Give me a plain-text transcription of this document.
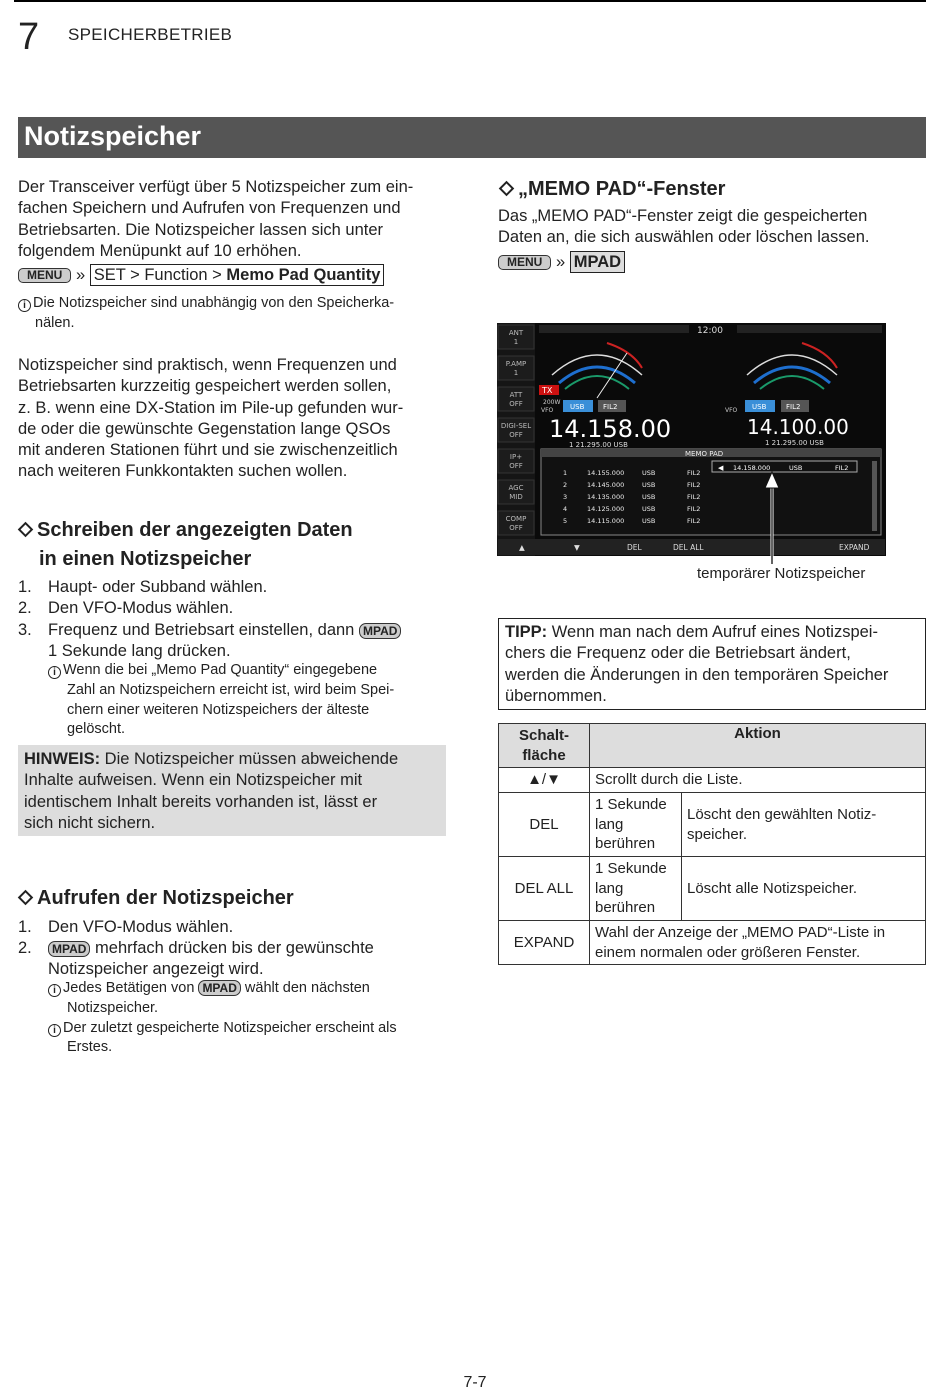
7 SPEICHERBETRIEB
Notizspeicher
Der Transceiver verfügt über 5 Notizspeicher zum ein-
fachen Speichern und Aufrufen von Frequenzen und
Betriebsarten. Die Notizspeicher lassen sich unter
folgendem Menüpunkt auf 10 erhöhen.
MENU » SET > Function > Memo Pad Quantity
i Die Notizspeicher sind unabhängig von den Speicherka-
nälen.
Notizspeicher sind praktisch, wenn Frequenzen und
Betriebsarten kurzzeitig gespeichert werden sollen,
z. B. wenn eine DX-Station im Pile-up gefunden wur-
de oder die gewünschte Gegenstation lange QSOs
mit anderen Stationen führt und sie zwischenzeitlich
nach weiteren Funkkontakten suchen wollen.
Schreiben der angezeigten Daten
in einen Notizspeicher
1. Haupt- oder Subband wählen.
2. Den VFO-Modus wählen.
3. Frequenz und Betriebsart einstellen, dann MPAD
1 Sekunde lang drücken.
i Wenn die bei „Memo Pad Quantity“ eingegebene
Zahl an Notizspeichern erreicht ist, wird beim Spei-
chern einer weiteren Notizspeichers der älteste
gelöscht.
HINWEIS: Die Notizspeicher müssen abweichende
Inhalte aufweisen. Wenn ein Notizspeicher mit
identischem Inhalt bereits vorhanden ist, lässt er
sich nicht sichern.
Aufrufen der Notizspeicher
1. Den VFO-Modus wählen.
2.	MPAD mehrfach drücken bis der gewünschte
Notizspeicher angezeigt wird.
i Jedes Betätigen von MPAD wählt den nächsten
Notizspeicher.
i Der zuletzt gespeicherte Notizspeicher erscheint als
Erstes.
„MEMO PAD“-Fenster
Das „MEMO PAD“-Fenster zeigt die gespeicherten
Daten an, die sich auswählen oder löschen lassen.
MENU » MPAD
ANT
1
P.AMP
1
ATT
OFF
DIGI-SEL
OFF
IP+
OFF
AGC
MID
COMP
OFF
12:00
TX
200W
VFO USB	FIL2	VFO USB	FIL2
14.158.00
1 21.295.00 USB
14.100.00
1 21.295.00 USB
MEMO PAD
1	14.155.000	USB	FIL2
2	14.145.000	USB	FIL2
3	14.135.000	USB	FIL2
4	14.125.000	USB	FIL2
5	14.115.000	USB	FIL2
◀ 14.158.000	USB	FIL2
▲	▼	DEL	DEL ALL	EXPAND
temporärer Notizspeicher
TIPP: Wenn man nach dem Aufruf eines Notizspei-
chers die Frequenz oder die Betriebsart ändert,
werden die Änderungen in den temporären Speicher
übernommen.
Schalt-
fläche	Aktion	
▲/▼	Scrollt durch die Liste.	
DEL	1 Sekunde
lang
berühren	Löscht den gewählten Notiz-
speicher.
DEL ALL	1 Sekunde
lang
berühren	Löscht alle Notizspeicher.
EXPAND	Wahl der Anzeige der „MEMO PAD“-Liste in
einem normalen oder größeren Fenster.	
7-7
